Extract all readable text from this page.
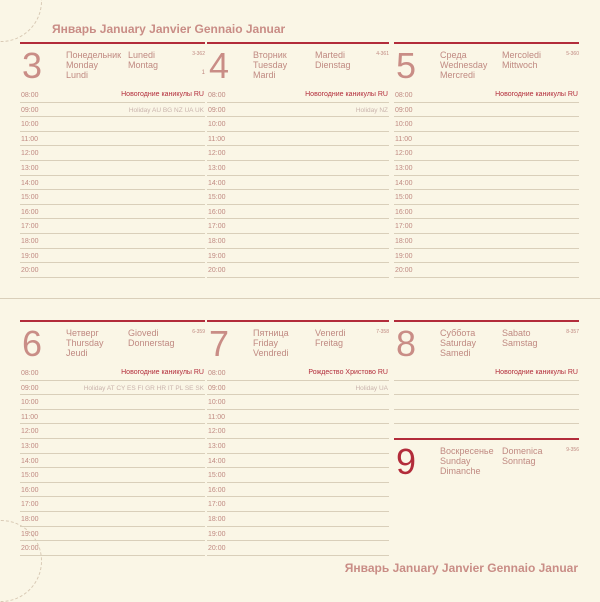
Январь January Janvier Gennaio Januar
Январь January Janvier Gennaio Januar
3	Понедельник
Monday
Lundi
Lunedi
Montag
3-362
1
08:00	Новогодние каникулы RU
09:00	Holiday AU BG NZ UA UK
10:00
11:00
12:00
13:00
14:00
15:00
16:00
17:00
18:00
19:00
20:00
4	Вторник
Tuesday
Mardi
Martedi
Dienstag
4-361
08:00	Новогодние каникулы RU
09:00	Holiday NZ
10:00
11:00
12:00
13:00
14:00
15:00
16:00
17:00
18:00
19:00
20:00
5	Среда
Wednesday
Mercredi
Mercoledi
Mittwoch
5-360
08:00	Новогодние каникулы RU
09:00
10:00
11:00
12:00
13:00
14:00
15:00
16:00
17:00
18:00
19:00
20:00
6	Четверг
Thursday
Jeudi
Giovedi
Donnerstag
6-359
08:00	Новогодние каникулы RU
09:00	Holiday AT CY ES FI GR HR IT PL SE SK
10:00
11:00
12:00
13:00
14:00
15:00
16:00
17:00
18:00
19:00
20:00
7	Пятница
Friday
Vendredi
Venerdi
Freitag
7-358
08:00	Рождество Христово RU
09:00	Holiday UA
10:00
11:00
12:00
13:00
14:00
15:00
16:00
17:00
18:00
19:00
20:00
8	Суббота
Saturday
Samedi
Sabato
Samstag
8-357
Новогодние каникулы RU
9	Воскресенье
Sunday
Dimanche
Domenica
Sonntag
9-356
